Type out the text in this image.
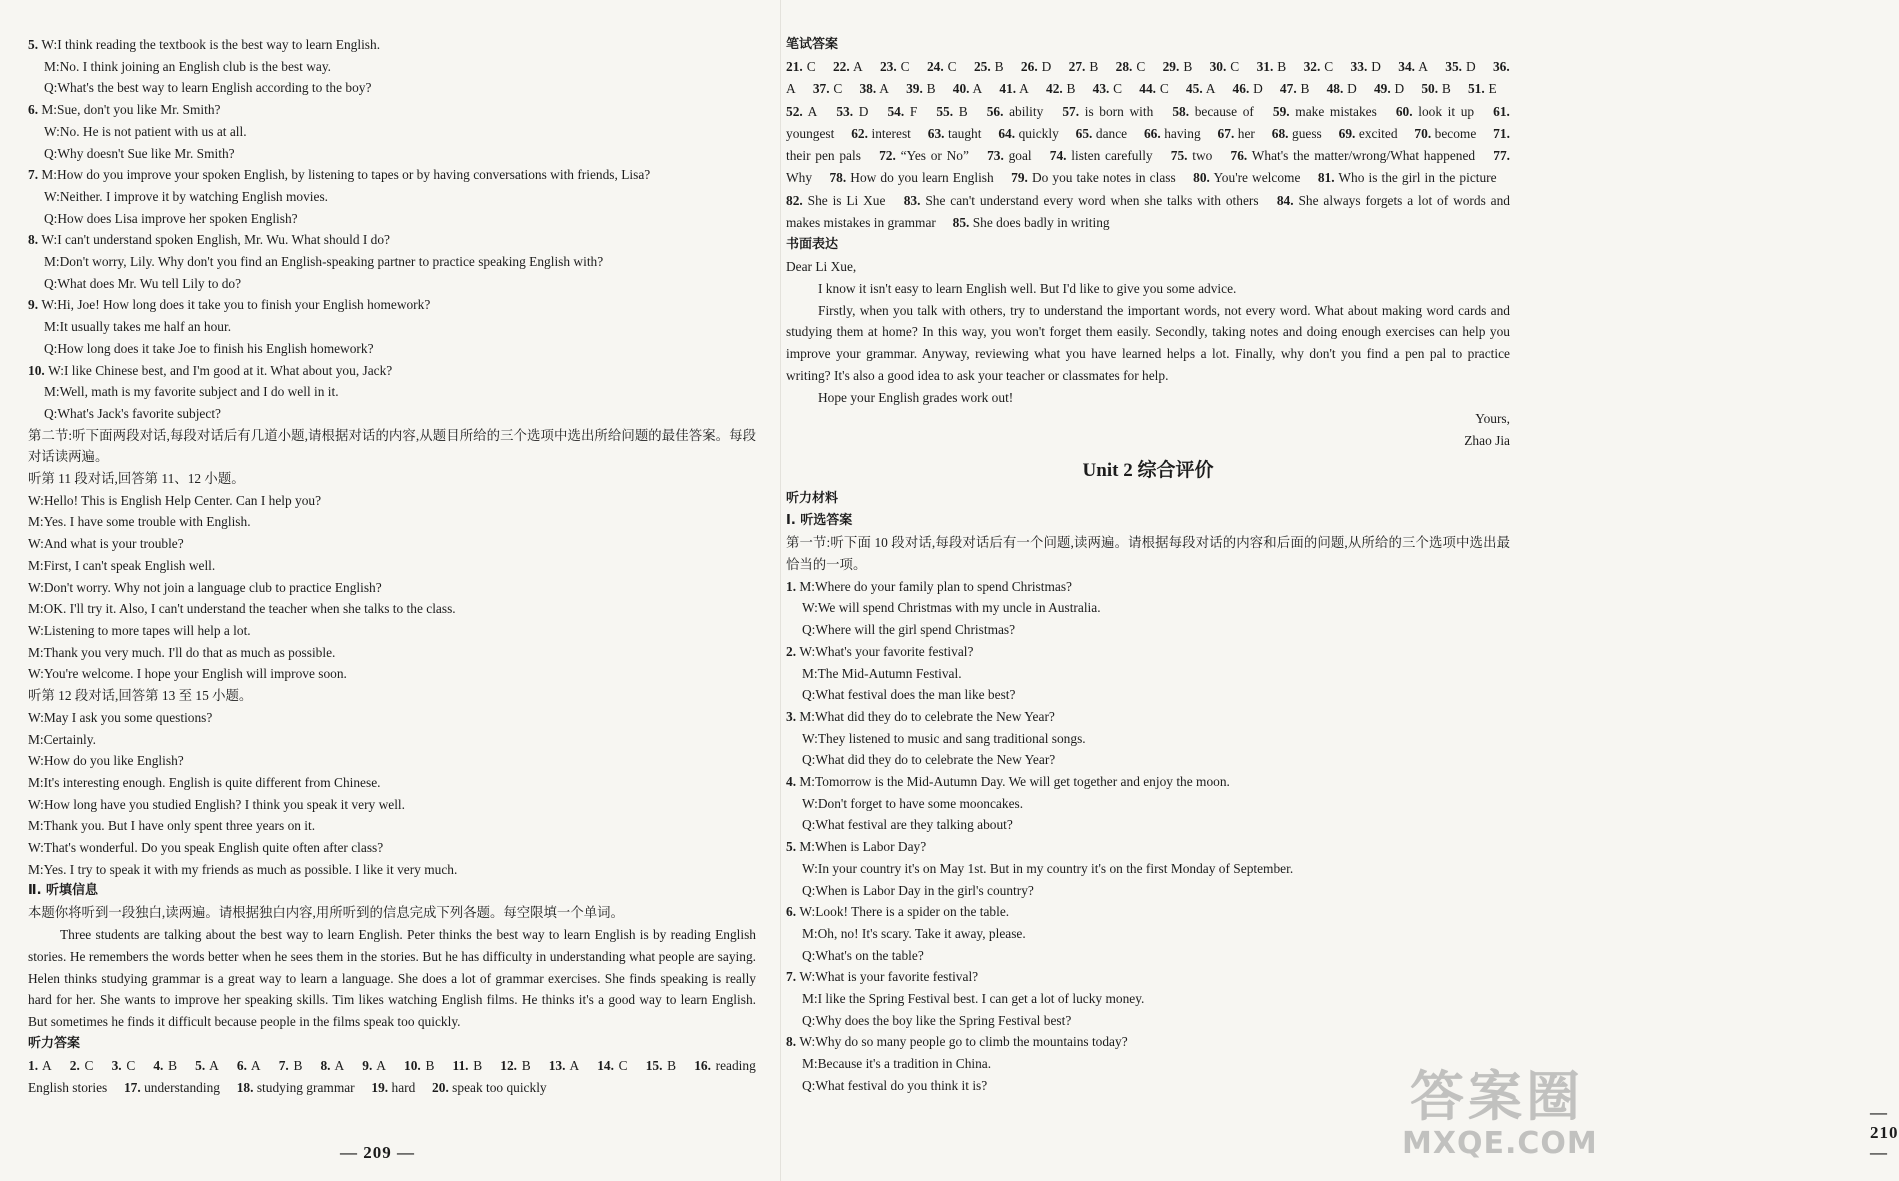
5. W:I think reading the textbook is the best way to learn English.
M:No. I think joining an English club is the best way.
Q:What's the best way to learn English according to the boy?
6. M:Sue, don't you like Mr. Smith?
W:No. He is not patient with us at all.
Q:Why doesn't Sue like Mr. Smith?
7. M:How do you improve your spoken English, by listening to tapes or by having conversations with friends, Lisa?
W:Neither. I improve it by watching English movies.
Q:How does Lisa improve her spoken English?
8. W:I can't understand spoken English, Mr. Wu. What should I do?
M:Don't worry, Lily. Why don't you find an English-speaking partner to practice speaking English with?
Q:What does Mr. Wu tell Lily to do?
9. W:Hi, Joe! How long does it take you to finish your English homework?
M:It usually takes me half an hour.
Q:How long does it take Joe to finish his English homework?
10. W:I like Chinese best, and I'm good at it. What about you, Jack?
M:Well, math is my favorite subject and I do well in it.
Q:What's Jack's favorite subject?
第二节:听下面两段对话,每段对话后有几道小题,请根据对话的内容,从题目所给的三个选项中选出所给问题的最佳答案。每段对话读两遍。
听第 11 段对话,回答第 11、12 小题。
W:Hello! This is English Help Center. Can I help you?
M:Yes. I have some trouble with English.
W:And what is your trouble?
M:First, I can't speak English well.
W:Don't worry. Why not join a language club to practice English?
M:OK. I'll try it. Also, I can't understand the teacher when she talks to the class.
W:Listening to more tapes will help a lot.
M:Thank you very much. I'll do that as much as possible.
W:You're welcome. I hope your English will improve soon.
听第 12 段对话,回答第 13 至 15 小题。
W:May I ask you some questions?
M:Certainly.
W:How do you like English?
M:It's interesting enough. English is quite different from Chinese.
W:How long have you studied English? I think you speak it very well.
M:Thank you. But I have only spent three years on it.
W:That's wonderful. Do you speak English quite often after class?
M:Yes. I try to speak it with my friends as much as possible. I like it very much.
Ⅱ. 听填信息
本题你将听到一段独白,读两遍。请根据独白内容,用所听到的信息完成下列各题。每空限填一个单词。
Three students are talking about the best way to learn English. Peter thinks the best way to learn English is by reading English stories. He remembers the words better when he sees them in the stories. But he has difficulty in understanding what people are saying. Helen thinks studying grammar is a great way to learn a language. She does a lot of grammar exercises. She finds speaking is really hard for her. She wants to improve her speaking skills. Tim likes watching English films. He thinks it's a good way to learn English. But sometimes he finds it difficult because people in the films speak too quickly.
听力答案
1. A  2. C  3. C  4. B  5. A  6. A  7. B  8. A  9. A  10. B  11. B  12. B  13. A  14. C  15. B  16. reading English stories  17. understanding  18. studying grammar  19. hard  20. speak too quickly 
— 209 —
笔试答案
21. C  22. A  23. C  24. C  25. B  26. D  27. B  28. C  29. B  30. C  31. B  32. C  33. D  34. A  35. D  36. A  37. C  38. A  39. B  40. A  41. A  42. B  43. C  44. C  45. A  46. D  47. B  48. D  49. D  50. B  51. E  52. A  53. D  54. F  55. B  56. ability  57. is born with  58. because of  59. make mistakes  60. look it up  61. youngest  62. interest  63. taught  64. quickly  65. dance  66. having  67. her  68. guess  69. excited  70. become  71. their pen pals  72. “Yes or No”  73. goal  74. listen carefully  75. two  76. What's the matter/wrong/What happened  77. Why  78. How do you learn English  79. Do you take notes in class  80. You're welcome  81. Who is the girl in the picture  82. She is Li Xue  83. She can't understand every word when she talks with others  84. She always forgets a lot of words and makes mistakes in grammar  85. She does badly in writing 
书面表达
Dear Li Xue,
I know it isn't easy to learn English well. But I'd like to give you some advice.
Firstly, when you talk with others, try to understand the important words, not every word. What about making word cards and studying them at home? In this way, you won't forget them easily. Secondly, taking notes and doing enough exercises can help you improve your grammar. Anyway, reviewing what you have learned helps a lot. Finally, why don't you find a pen pal to practice writing? It's also a good idea to ask your teacher or classmates for help.
Hope your English grades work out!
Yours,
Zhao Jia
Unit 2 综合评价
听力材料
Ⅰ. 听选答案
第一节:听下面 10 段对话,每段对话后有一个问题,读两遍。请根据每段对话的内容和后面的问题,从所给的三个选项中选出最恰当的一项。
1. M:Where do your family plan to spend Christmas?
W:We will spend Christmas with my uncle in Australia.
Q:Where will the girl spend Christmas?
2. W:What's your favorite festival?
M:The Mid-Autumn Festival.
Q:What festival does the man like best?
3. M:What did they do to celebrate the New Year?
W:They listened to music and sang traditional songs.
Q:What did they do to celebrate the New Year?
4. M:Tomorrow is the Mid-Autumn Day. We will get together and enjoy the moon.
W:Don't forget to have some mooncakes.
Q:What festival are they talking about?
5. M:When is Labor Day?
W:In your country it's on May 1st. But in my country it's on the first Monday of September.
Q:When is Labor Day in the girl's country?
6. W:Look! There is a spider on the table.
M:Oh, no! It's scary. Take it away, please.
Q:What's on the table?
7. W:What is your favorite festival?
M:I like the Spring Festival best. I can get a lot of lucky money.
Q:Why does the boy like the Spring Festival best?
8. W:Why do so many people go to climb the mountains today?
M:Because it's a tradition in China.
Q:What festival do you think it is?
— 210 —
答案圈
MXQE.COM
